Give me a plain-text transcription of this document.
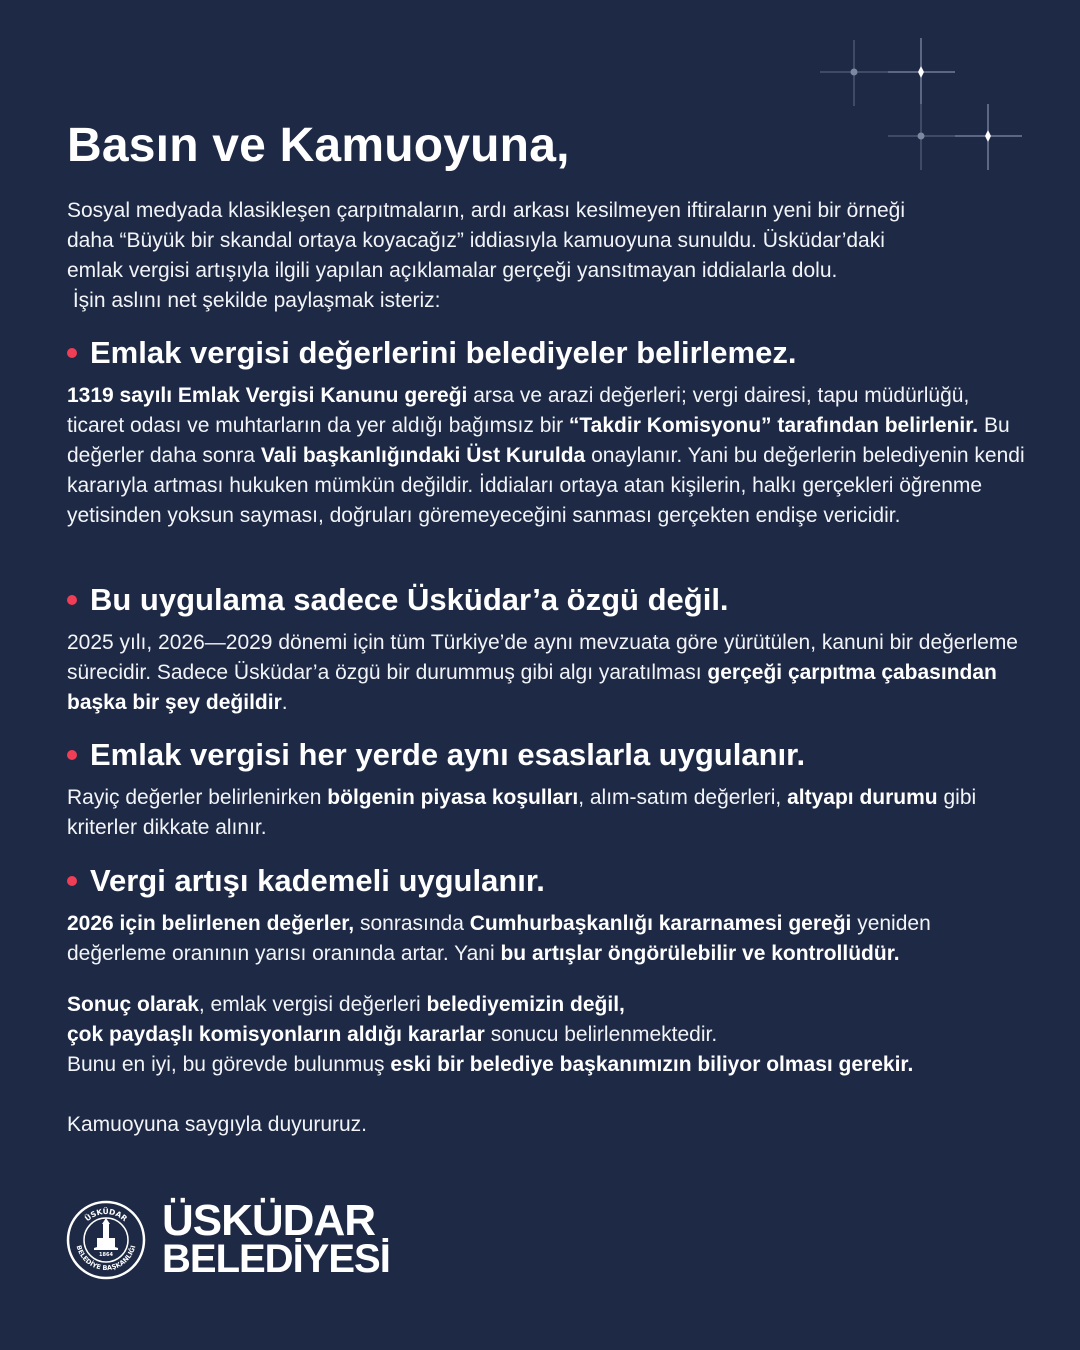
Basın ve Kamuoyuna,

Sosyal medyada klasikleşen çarpıtmaların, ardı arkası kesilmeyen iftiraların yeni bir örneği
daha “Büyük bir skandal ortaya koyacağız” iddiasıyla kamuoyuna sunuldu. Üsküdar’daki
emlak vergisi artışıyla ilgili yapılan açıklamalar gerçeği yansıtmayan iddialarla dolu.
İşin aslını net şekilde paylaşmak isteriz:

Emlak vergisi değerlerini belediyeler belirlemez.

1319 sayılı Emlak Vergisi Kanunu gereği arsa ve arazi değerleri; vergi dairesi, tapu müdürlüğü, ticaret odası ve muhtarların da yer aldığı bağımsız bir “Takdir Komisyonu” tarafından belirlenir. Bu değerler daha sonra Vali başkanlığındaki Üst Kurulda onaylanır. Yani bu değerlerin belediyenin kendi kararıyla artması hukuken mümkün değildir. İddiaları ortaya atan kişilerin, halkı gerçekleri öğrenme yetisinden yoksun sayması, doğruları göremeyeceğini sanması gerçekten endişe vericidir.

Bu uygulama sadece Üsküdar’a özgü değil.

2025 yılı, 2026—2029 dönemi için tüm Türkiye’de aynı mevzuata göre yürütülen, kanuni bir değerleme sürecidir. Sadece Üsküdar’a özgü bir durummuş gibi algı yaratılması gerçeği çarpıtma çabasından başka bir şey değildir.

Emlak vergisi her yerde aynı esaslarla uygulanır.

Rayiç değerler belirlenirken bölgenin piyasa koşulları, alım-satım değerleri, altyapı durumu gibi kriterler dikkate alınır.

Vergi artışı kademeli uygulanır.

2026 için belirlenen değerler, sonrasında Cumhurbaşkanlığı kararnamesi gereği yeniden değerleme oranının yarısı oranında artar. Yani bu artışlar öngörülebilir ve kontrollüdür.

Sonuç olarak, emlak vergisi değerleri belediyemizin değil,
çok paydaşlı komisyonların aldığı kararlar sonucu belirlenmektedir.
Bunu en iyi, bu görevde bulunmuş eski bir belediye başkanımızın biliyor olması gerekir.

Kamuoyuna saygıyla duyururuz.

ÜSKÜDAR
BELEDİYE BAŞKANLIĞI
1864
ÜSKÜDAR
BELEDİYESİ
